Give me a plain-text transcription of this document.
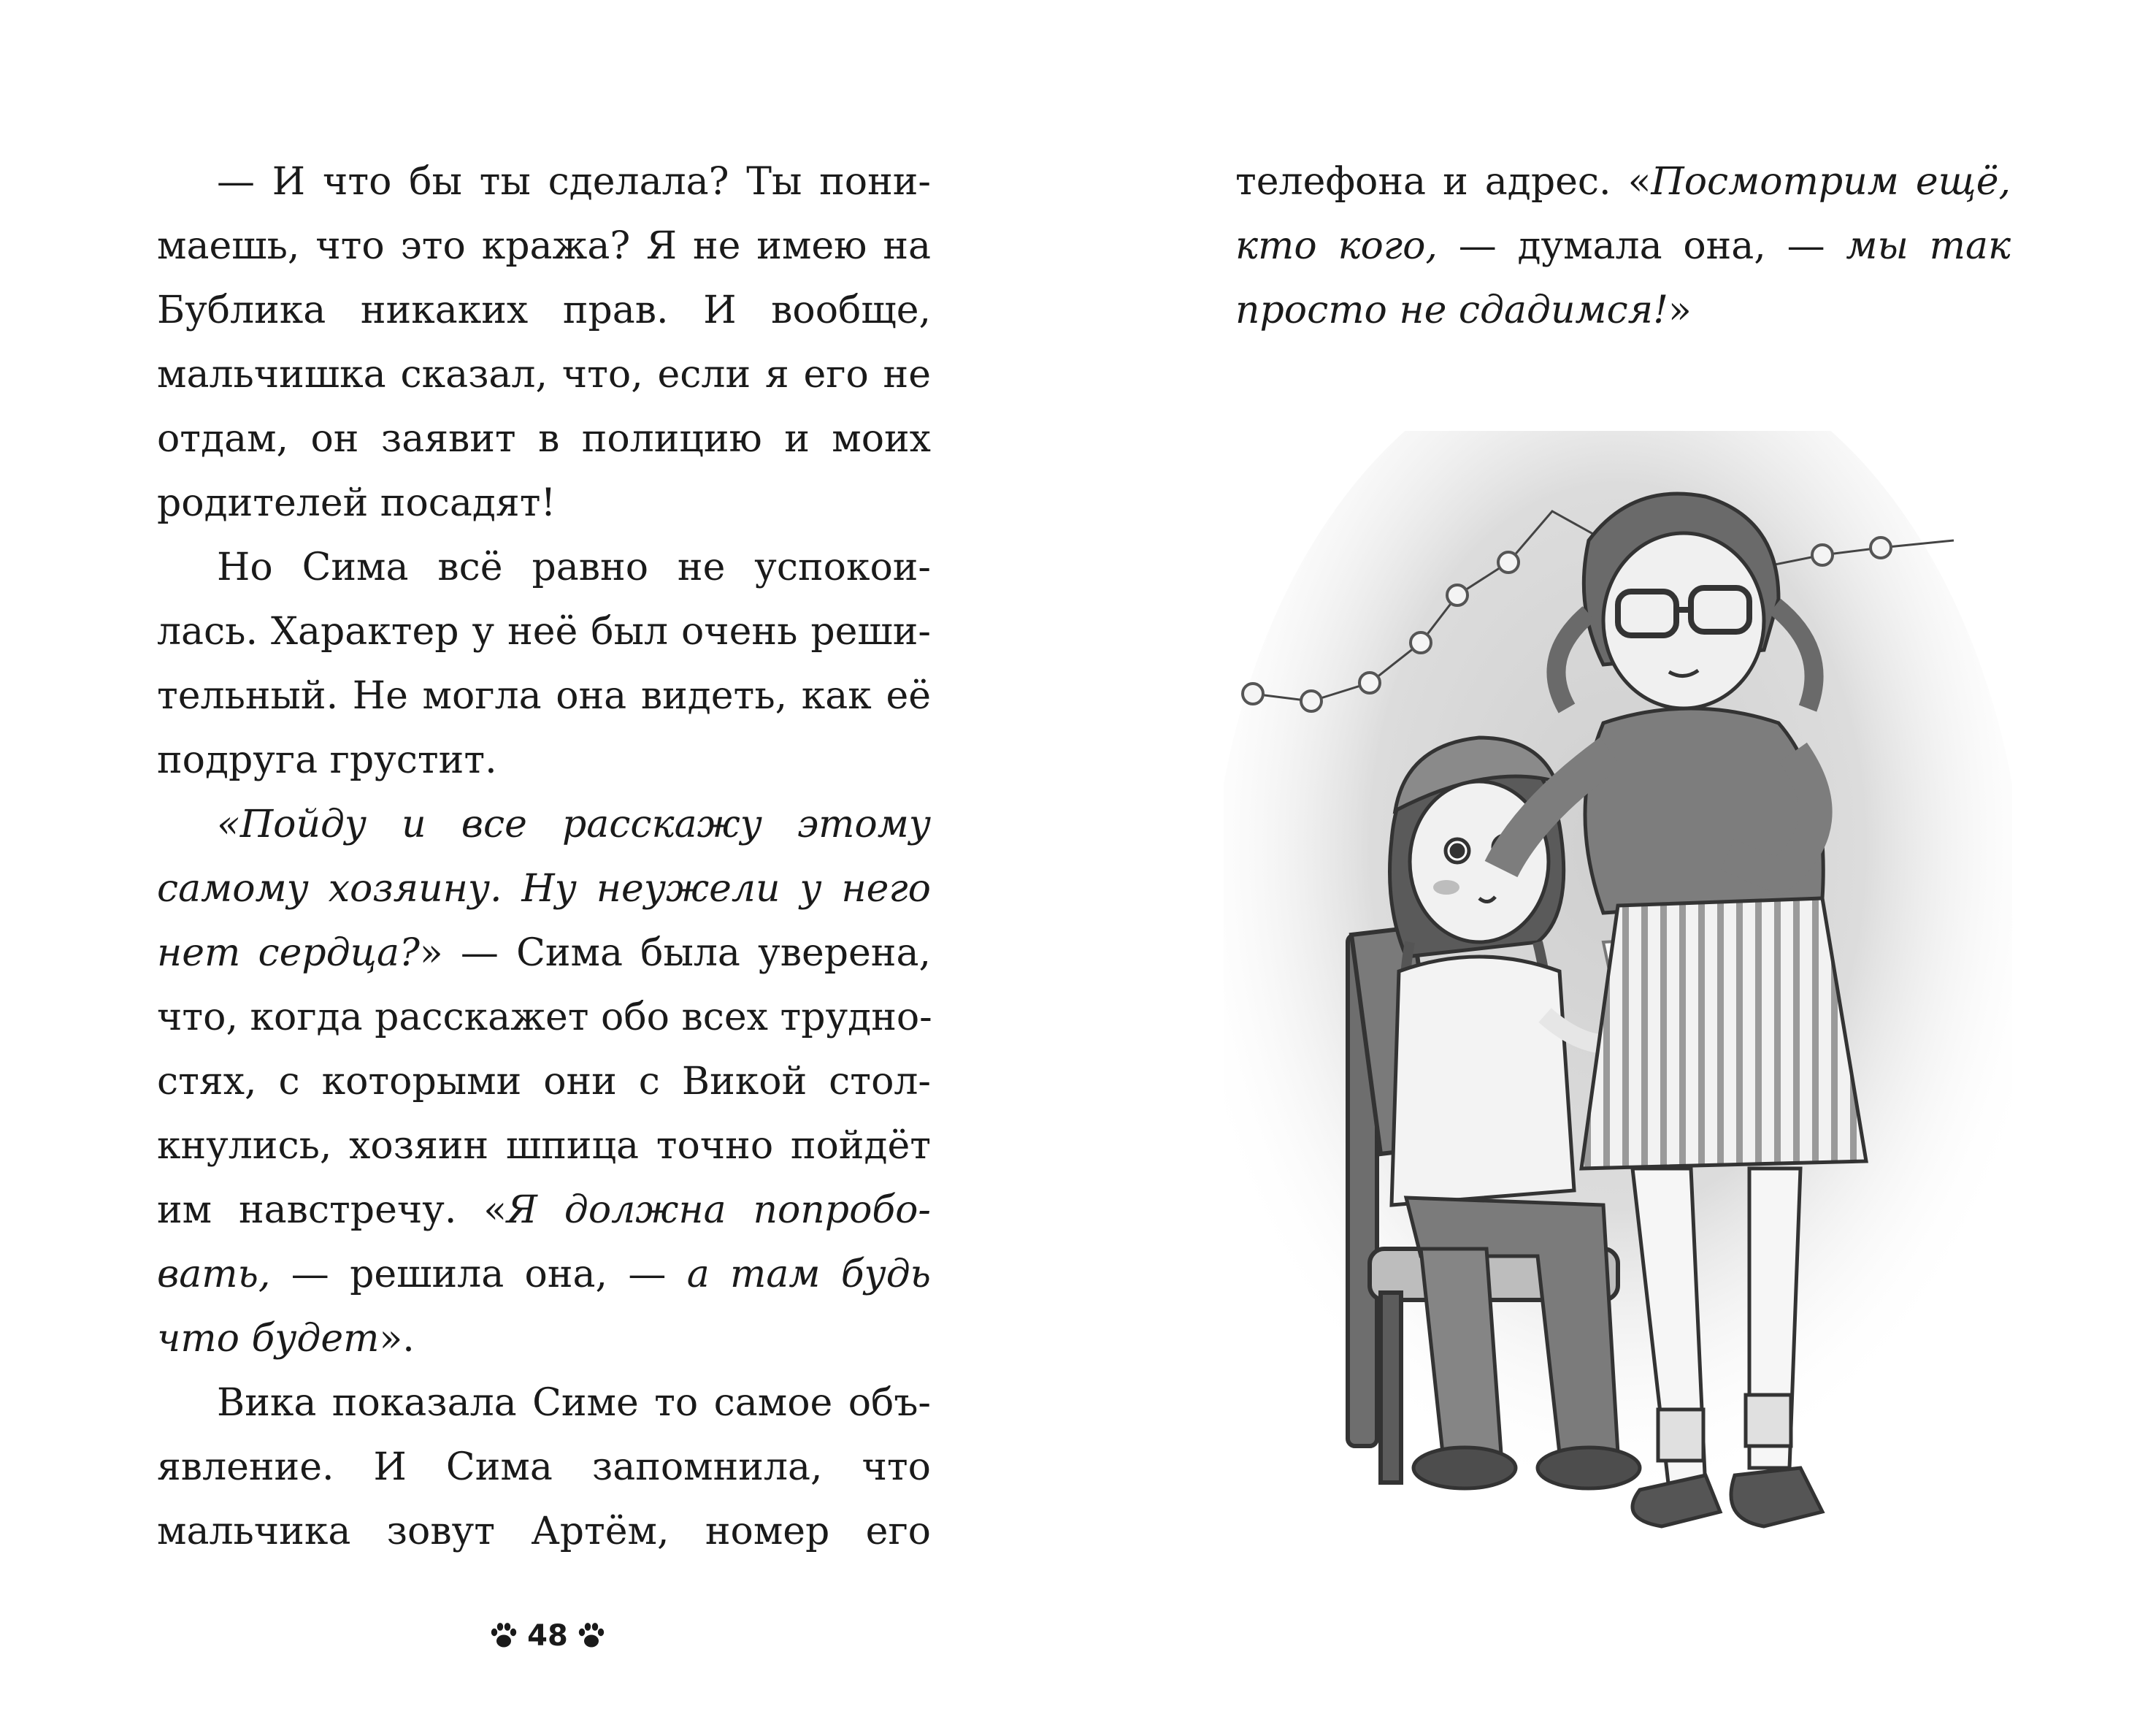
— И что бы ты сделала? Ты пони-
маешь, что это кража? Я не имею на
Бублика никаких прав. И вообще,
мальчишка сказал, что, если я его не
отдам, он заявит в полицию и моих
родителей посадят!
Но Сима всё равно не успокои-
лась. Характер у неё был очень реши-
тельный. Не могла она видеть, как её
подруга грустит.
«Пойду и все расскажу этому
самому хозяину. Ну неужели у него
нет сердца?» — Сима была уверена,
что, когда расскажет обо всех трудно-
стях, с которыми они с Викой стол-
кнулись, хозяин шпица точно пойдёт
им навстречу. «Я должна попробо-
вать, — решила она, — а там будь
что будет».
Вика показала Симе то самое объ-
явление. И Сима запомнила, что
мальчика зовут Артём, номер его
48
телефона и адрес. «Посмотрим ещё,
кто кого, — думала она, — мы так
просто не сдадимся!»
